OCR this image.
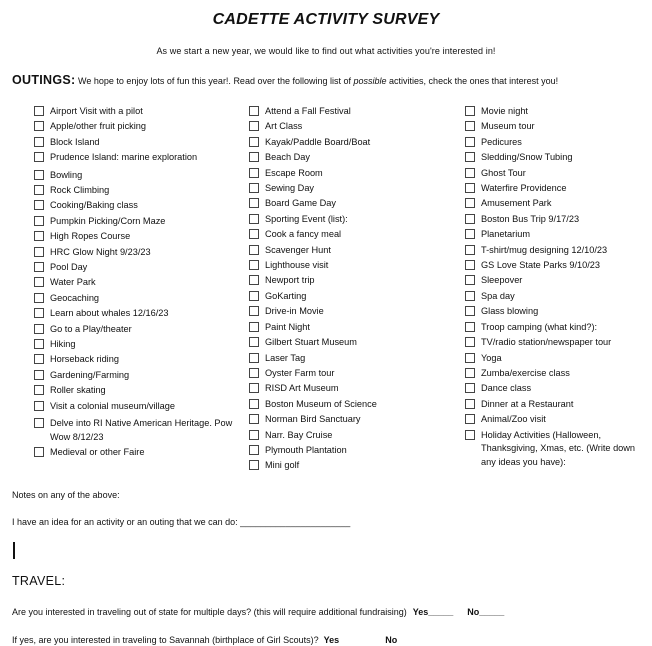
CADETTE ACTIVITY SURVEY
As we start a new year, we would like to find out what activities you're interested in!
OUTINGS: We hope to enjoy lots of fun this year!. Read over the following list of possible activities, check the ones that interest you!
Airport Visit with a pilot
Apple/other fruit picking
Block Island
Prudence Island: marine exploration
Bowling
Rock Climbing
Cooking/Baking class
Pumpkin Picking/Corn Maze
High Ropes Course
HRC Glow Night 9/23/23
Pool Day
Water Park
Geocaching
Learn about whales 12/16/23
Go to a Play/theater
Hiking
Horseback riding
Gardening/Farming
Roller skating
Visit a colonial museum/village
Delve into RI Native American Heritage. Pow Wow 8/12/23
Medieval or other Faire
Attend a Fall Festival
Art Class
Kayak/Paddle Board/Boat
Beach Day
Escape Room
Sewing Day
Board Game Day
Sporting Event (list):
Cook a fancy meal
Scavenger Hunt
Lighthouse visit
Newport trip
GoKarting
Drive-in Movie
Paint Night
Gilbert Stuart Museum
Laser Tag
Oyster Farm tour
RISD Art Museum
Boston Museum of Science
Norman Bird Sanctuary
Narr. Bay Cruise
Plymouth Plantation
Mini golf
Movie night
Museum tour
Pedicures
Sledding/Snow Tubing
Ghost Tour
Waterfire Providence
Amusement Park
Boston Bus Trip 9/17/23
Planetarium
T-shirt/mug designing 12/10/23
GS Love State Parks 9/10/23
Sleepover
Spa day
Glass blowing
Troop camping (what kind?):
TV/radio station/newspaper tour
Yoga
Zumba/exercise class
Dance class
Dinner at a Restaurant
Animal/Zoo visit
Holiday Activities (Halloween, Thanksgiving, Xmas, etc. (Write down any ideas you have):
Notes on any of the above:
I have an idea for an activity or an outing that we can do: ______________________
TRAVEL:
Are you interested in traveling out of state for multiple days? (this will require additional fundraising) Yes_____ No_____
If yes, are you interested in traveling to Savannah (birthplace of Girl Scouts)? Yes	No
